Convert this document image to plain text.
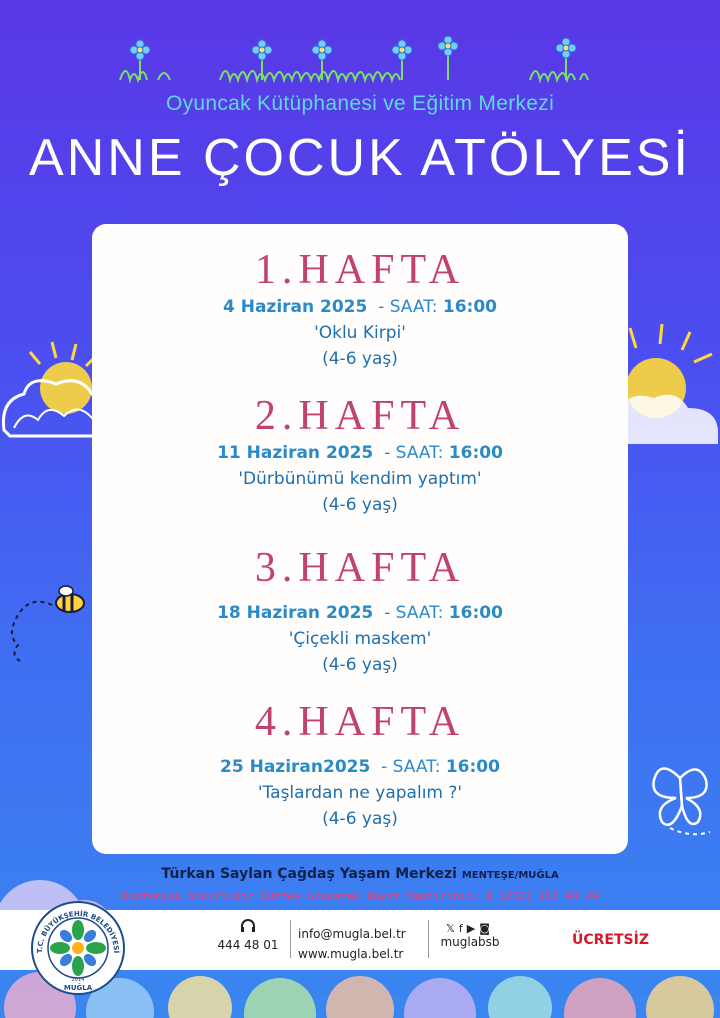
Oyuncak Kütüphanesi ve Eğitim Merkezi
ANNE ÇOCUK ATÖLYESİ
1.HAFTA
4 Haziran 2025 - SAAT: 16:00
'Oklu Kirpi'
(4-6 yaş)
2.HAFTA
11 Haziran 2025 - SAAT: 16:00
'Dürbünümü kendim yaptım'
(4-6 yaş)
3.HAFTA
18 Haziran 2025 - SAAT: 16:00
'Çiçekli maskem'
(4-6 yaş)
4.HAFTA
25 Haziran2025 - SAAT: 16:00
'Taşlardan ne yapalım ?'
(4-6 yaş)
Türkan Saylan Çağdaş Yaşam Merkezi MENTEŞE/MUĞLA
Kontenjan Sınırlıdır Lütfen Arayarak Kayıt Yaptırınız: 0 (252) 212 93 49
T.C. BÜYÜKŞEHİR BELEDİYESİ
2014
MUĞLA
444 48 01
info@mugla.bel.tr
www.mugla.bel.tr
𝕏f▶◙
muglabsb	ÜCRETSİZ
